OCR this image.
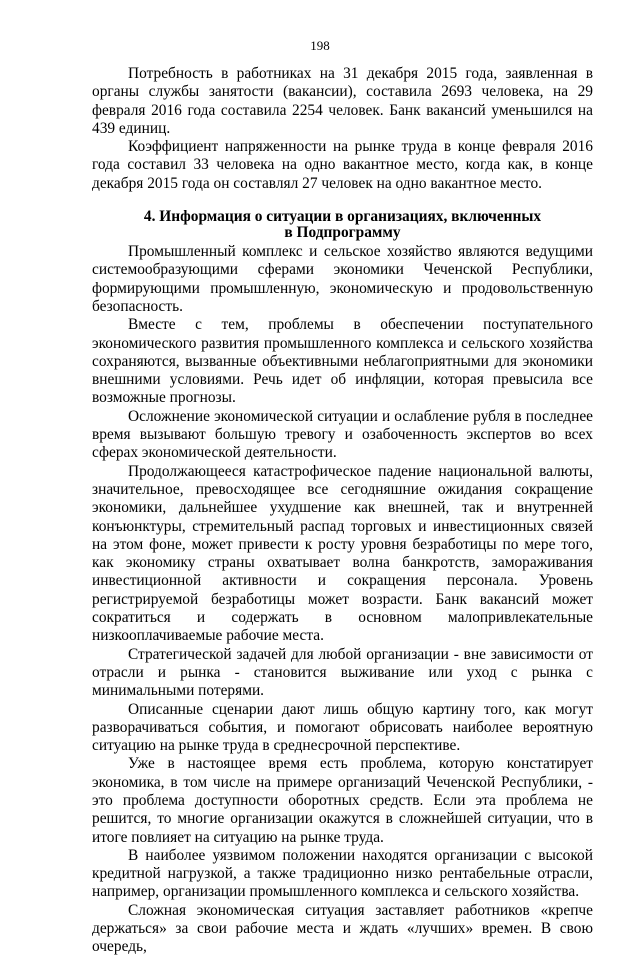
198

Потребность в работниках на 31 декабря 2015 года, заявленная в органы службы занятости (вакансии), составила 2693 человека, на 29 февраля 2016 года составила 2254 человек. Банк вакансий уменьшился на 439 единиц.

Коэффициент напряженности на рынке труда в конце февраля 2016 года составил 33 человека на одно вакантное место, когда как, в конце декабря 2015 года он составлял 27 человек на одно вакантное место.

4. Информация о ситуации в организациях, включенных в Подпрограмму

Промышленный комплекс и сельское хозяйство являются ведущими системообразующими сферами экономики Чеченской Республики, формирующими промышленную, экономическую и продовольственную безопасность.

Вместе с тем, проблемы в обеспечении поступательного экономического развития промышленного комплекса и сельского хозяйства сохраняются, вызванные объективными неблагоприятными для экономики внешними условиями. Речь идет об инфляции, которая превысила все возможные прогнозы.

Осложнение экономической ситуации и ослабление рубля в последнее время вызывают большую тревогу и озабоченность экспертов во всех сферах экономической деятельности.

Продолжающееся катастрофическое падение национальной валюты, значительное, превосходящее все сегодняшние ожидания сокращение экономики, дальнейшее ухудшение как внешней, так и внутренней конъюнктуры, стремительный распад торговых и инвестиционных связей на этом фоне, может привести к росту уровня безработицы по мере того, как экономику страны охватывает волна банкротств, замораживания инвестиционной активности и сокращения персонала. Уровень регистрируемой безработицы может возрасти. Банк вакансий может сократиться и содержать в основном малопривлекательные низкооплачиваемые рабочие места.

Стратегической задачей для любой организации - вне зависимости от отрасли и рынка - становится выживание или уход с рынка с минимальными потерями.

Описанные сценарии дают лишь общую картину того, как могут разворачиваться события, и помогают обрисовать наиболее вероятную ситуацию на рынке труда в среднесрочной перспективе.

Уже в настоящее время есть проблема, которую констатирует экономика, в том числе на примере организаций Чеченской Республики, - это проблема доступности оборотных средств. Если эта проблема не решится, то многие организации окажутся в сложнейшей ситуации, что в итоге повлияет на ситуацию на рынке труда.

В наиболее уязвимом положении находятся организации с высокой кредитной нагрузкой, а также традиционно низко рентабельные отрасли, например, организации промышленного комплекса и сельского хозяйства.

Сложная экономическая ситуация заставляет работников «крепче держаться» за свои рабочие места и ждать «лучших» времен. В свою очередь,
